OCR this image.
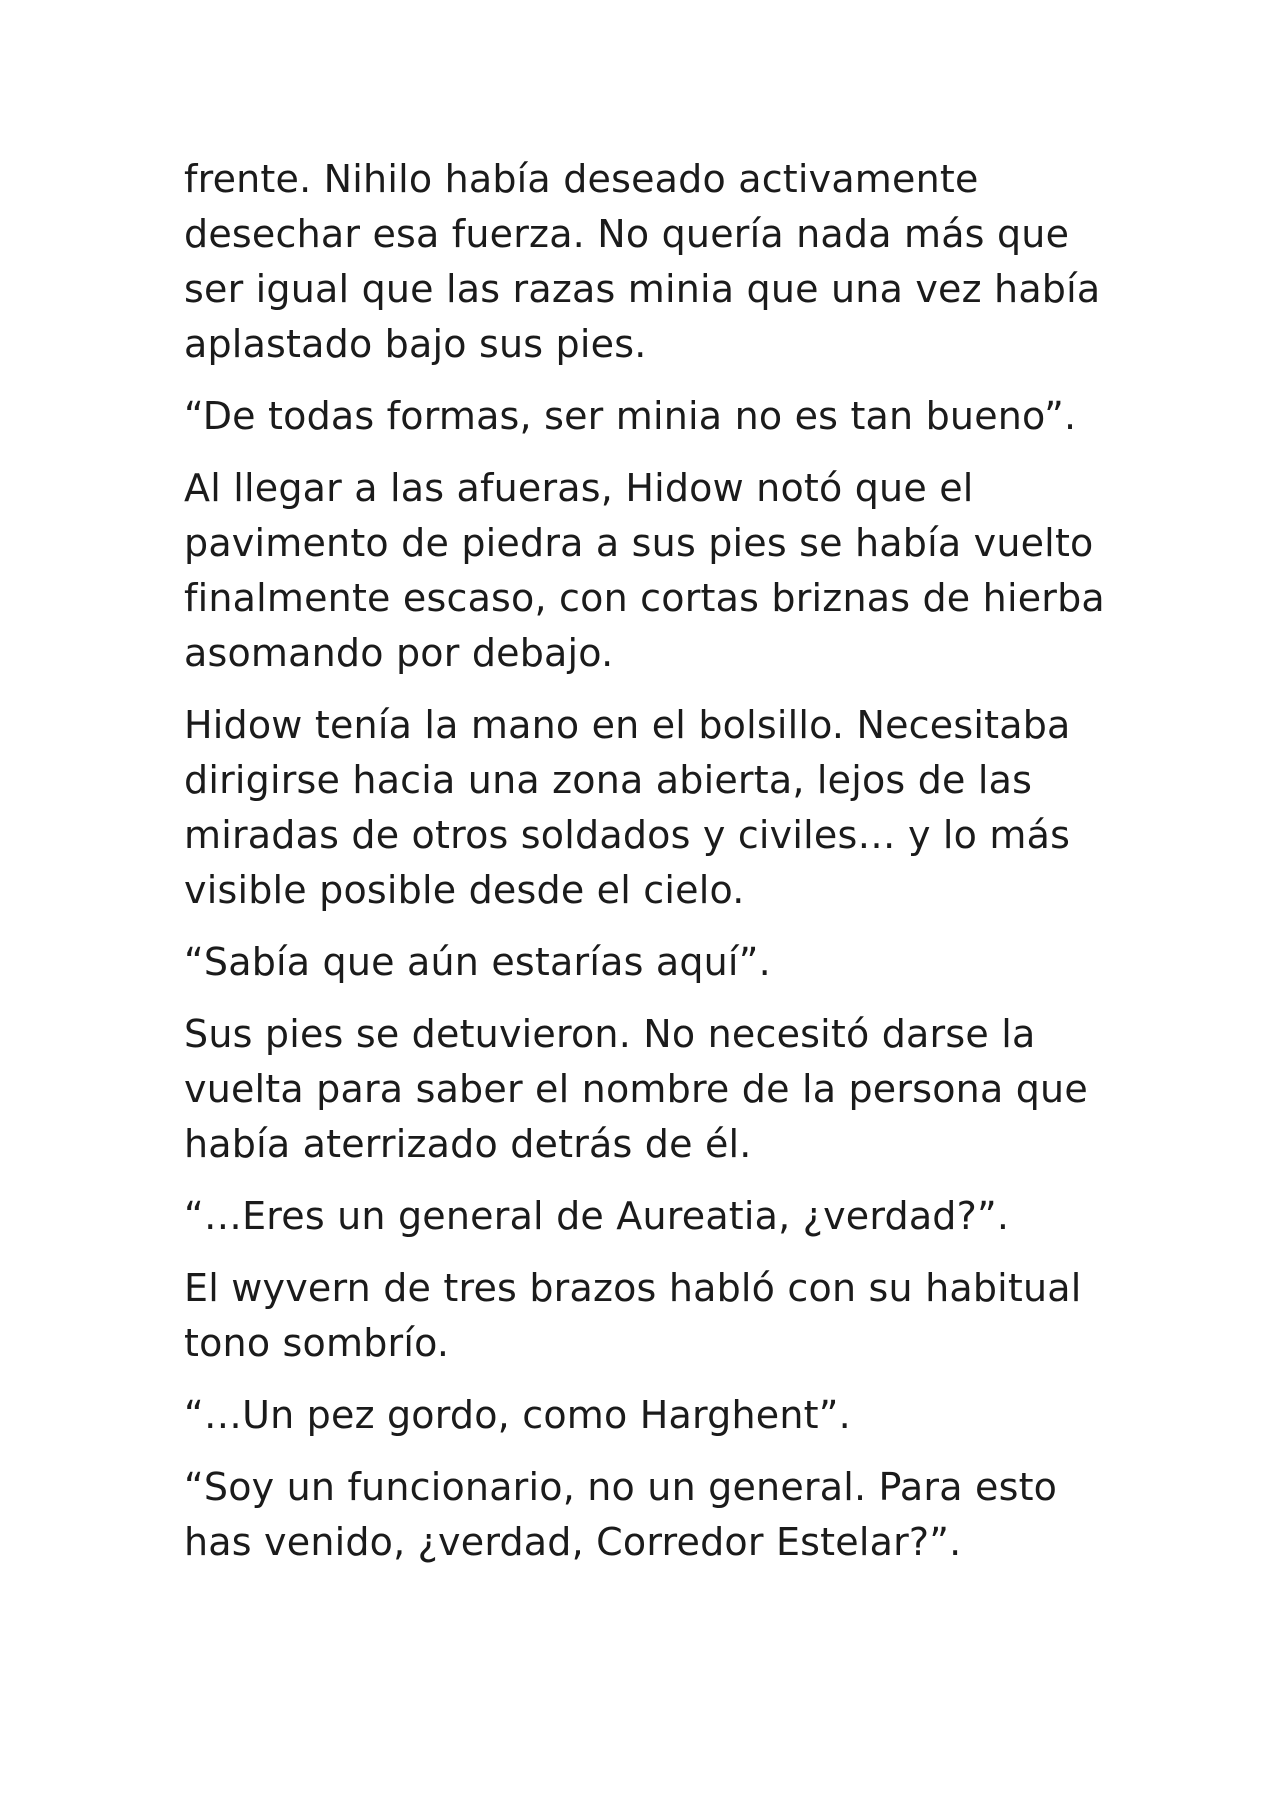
frente. Nihilo había deseado activamente desechar esa fuerza. No quería nada más que ser igual que las razas minia que una vez había aplastado bajo sus pies.

“De todas formas, ser minia no es tan bueno”.

Al llegar a las afueras, Hidow notó que el pavimento de piedra a sus pies se había vuelto finalmente escaso, con cortas briznas de hierba asomando por debajo.

Hidow tenía la mano en el bolsillo. Necesitaba dirigirse hacia una zona abierta, lejos de las miradas de otros soldados y civiles… y lo más visible posible desde el cielo.

“Sabía que aún estarías aquí”.

Sus pies se detuvieron. No necesitó darse la vuelta para saber el nombre de la persona que había aterrizado detrás de él.

“…Eres un general de Aureatia, ¿verdad?”.

El wyvern de tres brazos habló con su habitual tono sombrío.

“…Un pez gordo, como Harghent”.

“Soy un funcionario, no un general. Para esto has venido, ¿verdad, Corredor Estelar?”.
